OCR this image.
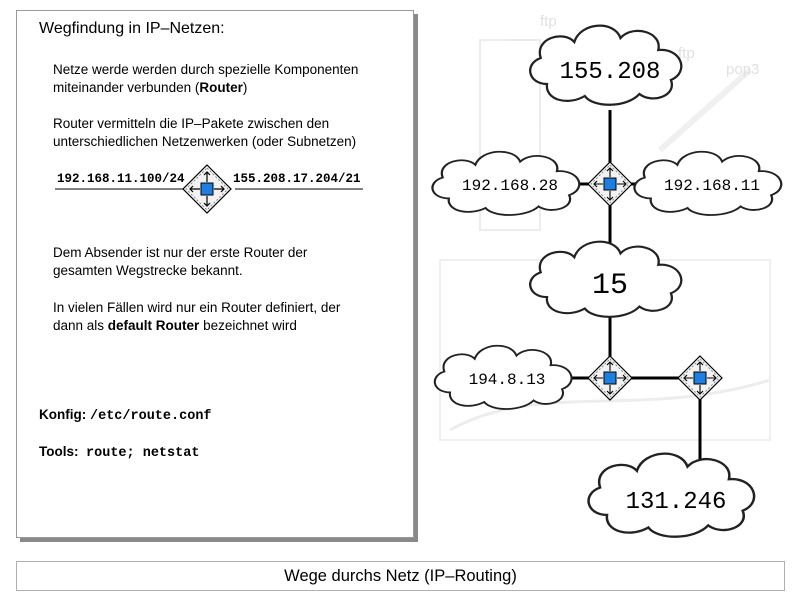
Wegfindung in IP–Netzen:
Netze werde werden durch spezielle Komponenten
miteinander verbunden (Router)
Router vermitteln die IP–Pakete zwischen den
unterschiedlichen Netzenwerken (oder Subnetzen)
192.168.11.100/24	155.208.17.204/21
Dem Absender ist nur der erste Router der
gesamten Wegstrecke bekannt.
In vielen Fällen wird nur ein Router definiert, der
dann als default Router bezeichnet wird
Konfig: /etc/route.conf
Tools: route; netstat
ftp
ftp
pop3
155.208
192.168.28	192.168.11
15
194.8.13
131.246
Wege durchs Netz (IP–Routing)
